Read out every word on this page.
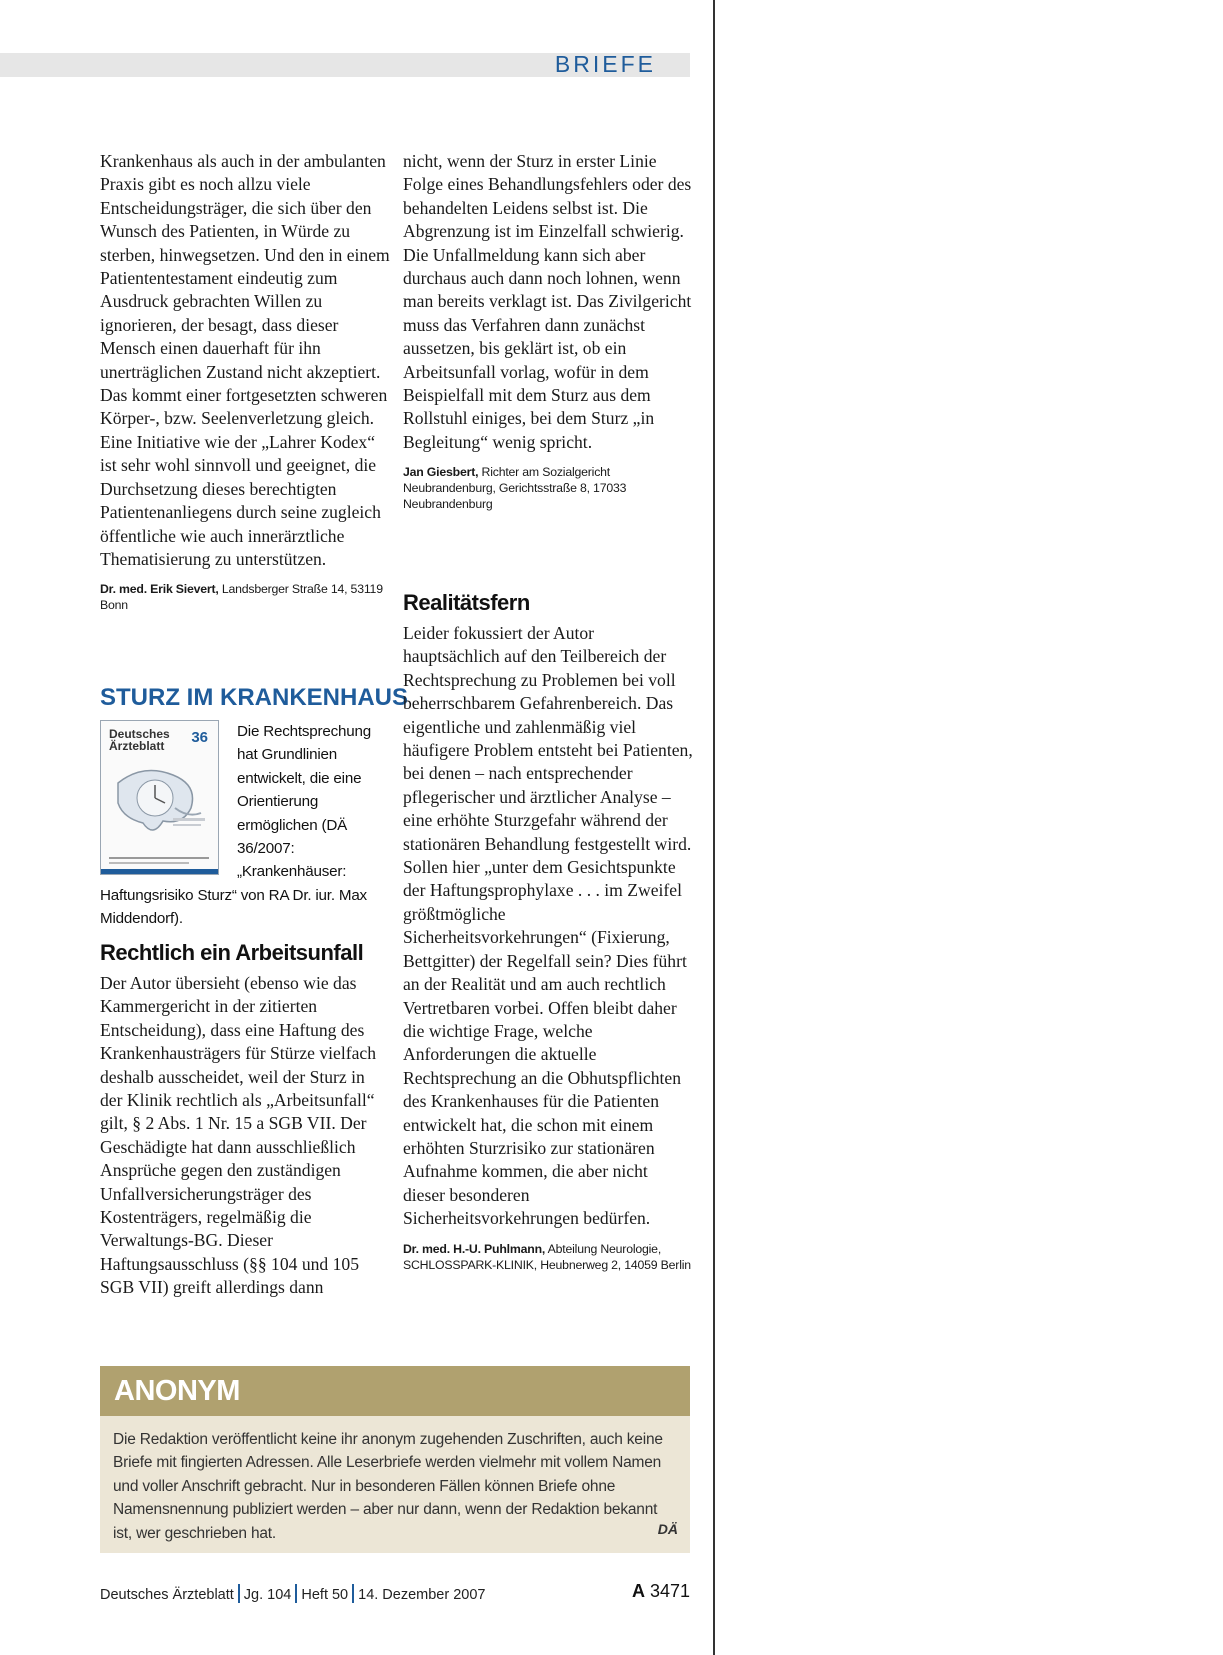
BRIEFE

Krankenhaus als auch in der ambulanten Praxis gibt es noch allzu viele Entscheidungsträger, die sich über den Wunsch des Patienten, in Würde zu sterben, hinwegsetzen. Und den in einem Patiententestament eindeutig zum Ausdruck gebrachten Willen zu ignorieren, der besagt, dass dieser Mensch einen dauerhaft für ihn unerträglichen Zustand nicht akzeptiert. Das kommt einer fortgesetzten schweren Körper-, bzw. Seelenverletzung gleich. Eine Initiative wie der „Lahrer Kodex“ ist sehr wohl sinnvoll und geeignet, die Durchsetzung dieses berechtigten Patientenanliegens durch seine zugleich öffentliche wie auch innerärztliche Thematisierung zu unterstützen.

Dr. med. Erik Sievert, Landsberger Straße 14, 53119 Bonn

STURZ IM KRANKENHAUS
Deutsches Ärzteblatt	36	Die Rechtsprechung hat Grundlinien entwickelt, die eine Orientierung ermöglichen (DÄ 36/2007: „Krankenhäuser: Haftungsrisiko Sturz“ von RA Dr. iur. Max Middendorf).

Rechtlich ein Arbeitsunfall

Der Autor übersieht (ebenso wie das Kammergericht in der zitierten Entscheidung), dass eine Haftung des Krankenhausträgers für Stürze vielfach deshalb ausscheidet, weil der Sturz in der Klinik rechtlich als „Arbeitsunfall“ gilt, § 2 Abs. 1 Nr. 15 a SGB VII. Der Geschädigte hat dann ausschließlich Ansprüche gegen den zuständigen Unfallversicherungsträger des Kostenträgers, regelmäßig die Verwaltungs-BG. Dieser Haftungsausschluss (§§ 104 und 105 SGB VII) greift allerdings dann

nicht, wenn der Sturz in erster Linie Folge eines Behandlungsfehlers oder des behandelten Leidens selbst ist. Die Abgrenzung ist im Einzelfall schwierig. Die Unfallmeldung kann sich aber durchaus auch dann noch lohnen, wenn man bereits verklagt ist. Das Zivilgericht muss das Verfahren dann zunächst aussetzen, bis geklärt ist, ob ein Arbeitsunfall vorlag, wofür in dem Beispielfall mit dem Sturz aus dem Rollstuhl einiges, bei dem Sturz „in Begleitung“ wenig spricht.

Jan Giesbert, Richter am Sozialgericht Neubrandenburg, Gerichtsstraße 8, 17033 Neubrandenburg

Realitätsfern

Leider fokussiert der Autor hauptsächlich auf den Teilbereich der Rechtsprechung zu Problemen bei voll beherrschbarem Gefahrenbereich. Das eigentliche und zahlenmäßig viel häufigere Problem entsteht bei Patienten, bei denen – nach entsprechender pflegerischer und ärztlicher Analyse – eine erhöhte Sturzgefahr während der stationären Behandlung festgestellt wird. Sollen hier „unter dem Gesichtspunkte der Haftungsprophylaxe . . . im Zweifel größtmögliche Sicherheitsvorkehrungen“ (Fixierung, Bettgitter) der Regelfall sein? Dies führt an der Realität und am auch rechtlich Vertretbaren vorbei. Offen bleibt daher die wichtige Frage, welche Anforderungen die aktuelle Rechtsprechung an die Obhutspflichten des Krankenhauses für die Patienten entwickelt hat, die schon mit einem erhöhten Sturzrisiko zur stationären Aufnahme kommen, die aber nicht dieser besonderen Sicherheitsvorkehrungen bedürfen.

Dr. med. H.-U. Puhlmann, Abteilung Neurologie, SCHLOSSPARK-KLINIK, Heubnerweg 2, 14059 Berlin

ANONYM

Die Redaktion veröffentlicht keine ihr anonym zugehenden Zuschriften, auch keine Briefe mit fingierten Adressen. Alle Leserbriefe werden vielmehr mit vollem Namen und voller Anschrift gebracht. Nur in besonderen Fällen können Briefe ohne Namensnennung publiziert werden – aber nur dann, wenn der Redaktion bekannt ist, wer geschrieben hat.	DÄ
Deutsches Ärzteblatt Jg. 104 Heft 50 14. Dezember 2007	A 3471
